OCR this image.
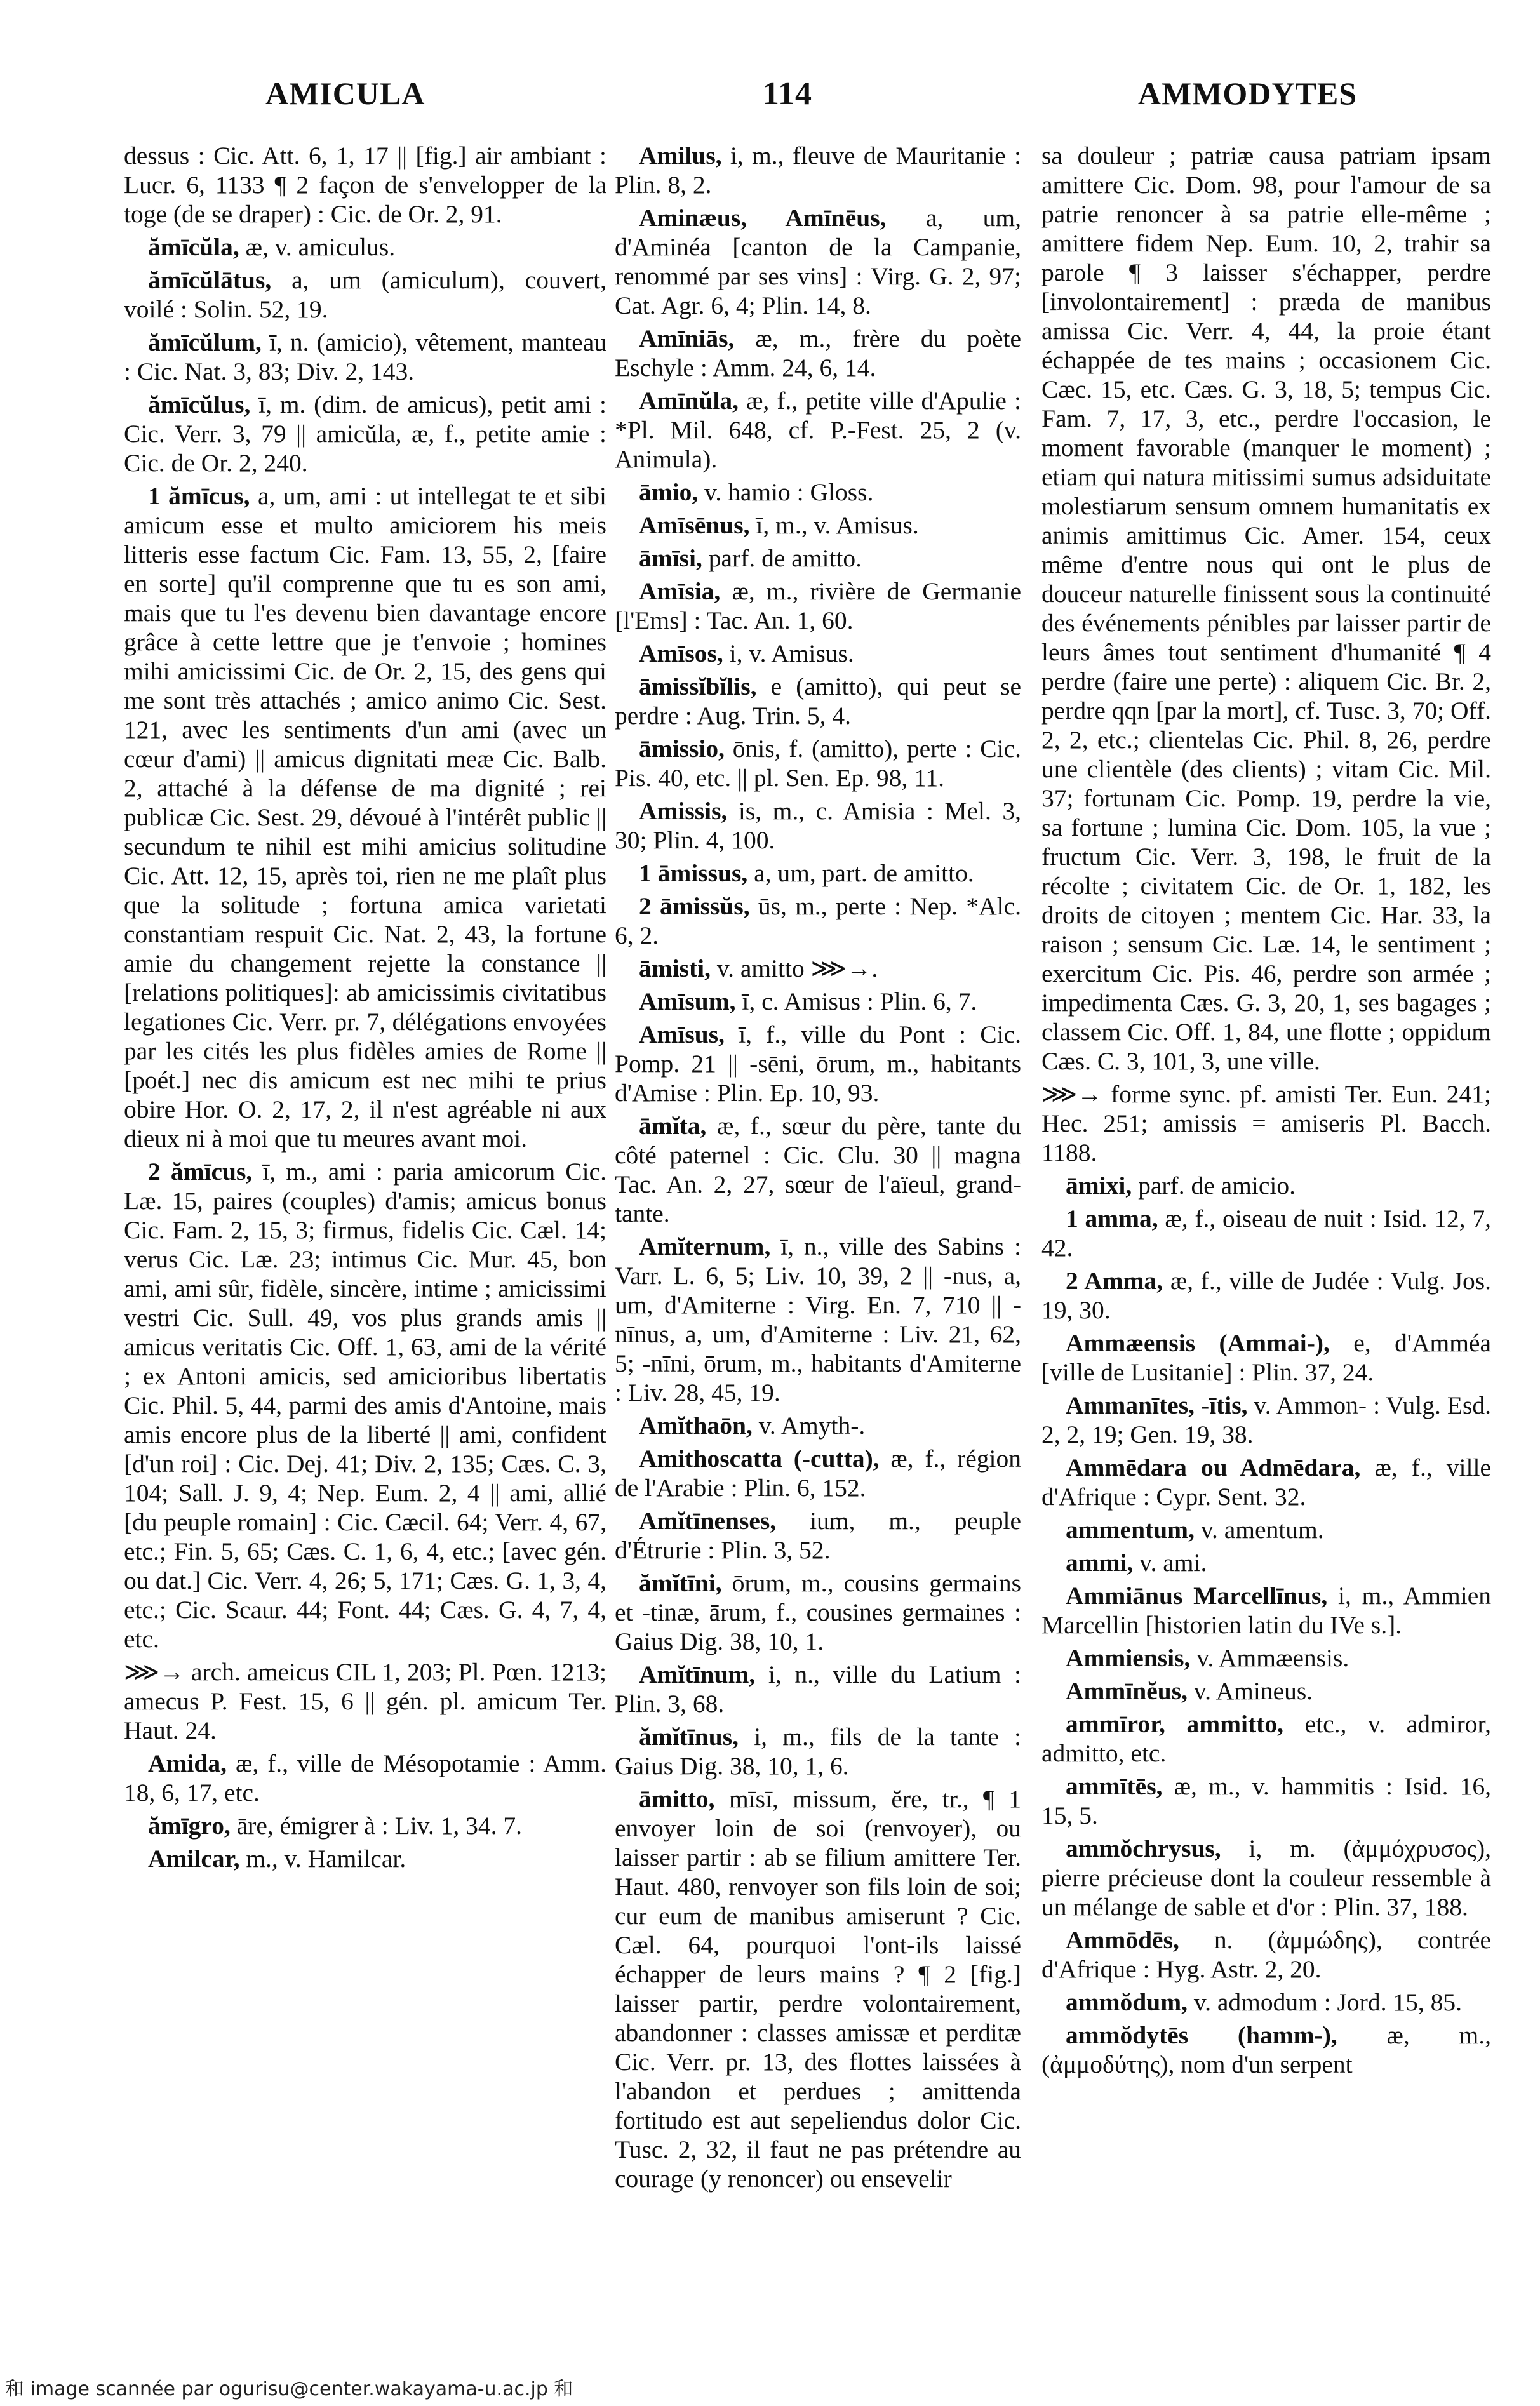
AMICULA	114	AMMODYTES

dessus : Cic. Att. 6, 1, 17 || [fig.] air ambiant : Lucr. 6, 1133 ¶ 2 façon de s'envelopper de la toge (de se draper) : Cic. de Or. 2, 91.

ămīcŭla, æ, v. amiculus.

ămīcŭlātus, a, um (amiculum), couvert, voilé : Solin. 52, 19.

ămīcŭlum, ī, n. (amicio), vêtement, manteau : Cic. Nat. 3, 83; Div. 2, 143.

ămīcŭlus, ī, m. (dim. de amicus), petit ami : Cic. Verr. 3, 79 || amicŭla, æ, f., petite amie : Cic. de Or. 2, 240.

1 ămīcus, a, um, ami : ut intellegat te et sibi amicum esse et multo amiciorem his meis litteris esse factum Cic. Fam. 13, 55, 2, [faire en sorte] qu'il comprenne que tu es son ami, mais que tu l'es devenu bien davantage encore grâce à cette lettre que je t'envoie ; homines mihi amicissimi Cic. de Or. 2, 15, des gens qui me sont très attachés ; amico animo Cic. Sest. 121, avec les sentiments d'un ami (avec un cœur d'ami) || amicus dignitati meæ Cic. Balb. 2, attaché à la défense de ma dignité ; rei publicæ Cic. Sest. 29, dévoué à l'intérêt public || secundum te nihil est mihi amicius solitudine Cic. Att. 12, 15, après toi, rien ne me plaît plus que la solitude ; fortuna amica varietati constantiam respuit Cic. Nat. 2, 43, la fortune amie du changement rejette la constance || [relations politiques]: ab amicissimis civitatibus legationes Cic. Verr. pr. 7, délégations envoyées par les cités les plus fidèles amies de Rome || [poét.] nec dis amicum est nec mihi te prius obire Hor. O. 2, 17, 2, il n'est agréable ni aux dieux ni à moi que tu meures avant moi.

2 ămīcus, ī, m., ami : paria amicorum Cic. Læ. 15, paires (couples) d'amis; amicus bonus Cic. Fam. 2, 15, 3; firmus, fidelis Cic. Cæl. 14; verus Cic. Læ. 23; intimus Cic. Mur. 45, bon ami, ami sûr, fidèle, sincère, intime ; amicissimi vestri Cic. Sull. 49, vos plus grands amis || amicus veritatis Cic. Off. 1, 63, ami de la vérité ; ex Antoni amicis, sed amicioribus libertatis Cic. Phil. 5, 44, parmi des amis d'Antoine, mais amis encore plus de la liberté || ami, confident [d'un roi] : Cic. Dej. 41; Div. 2, 135; Cæs. C. 3, 104; Sall. J. 9, 4; Nep. Eum. 2, 4 || ami, allié [du peuple romain] : Cic. Cæcil. 64; Verr. 4, 67, etc.; Fin. 5, 65; Cæs. C. 1, 6, 4, etc.; [avec gén. ou dat.] Cic. Verr. 4, 26; 5, 171; Cæs. G. 1, 3, 4, etc.; Cic. Scaur. 44; Font. 44; Cæs. G. 4, 7, 4, etc.

⋙→ arch. ameicus CIL 1, 203; Pl. Pœn. 1213; amecus P. Fest. 15, 6 || gén. pl. amicum Ter. Haut. 24.

Amida, æ, f., ville de Mésopotamie : Amm. 18, 6, 17, etc.

ămīgro, āre, émigrer à : Liv. 1, 34. 7.

Amilcar, m., v. Hamilcar.

Amilus, i, m., fleuve de Mauritanie : Plin. 8, 2.

Aminæus, Amīnēus, a, um, d'Aminéa [canton de la Campanie, renommé par ses vins] : Virg. G. 2, 97; Cat. Agr. 6, 4; Plin. 14, 8.

Amīniās, æ, m., frère du poète Eschyle : Amm. 24, 6, 14.

Amīnŭla, æ, f., petite ville d'Apulie : *Pl. Mil. 648, cf. P.-Fest. 25, 2 (v. Animula).

āmio, v. hamio : Gloss.

Amīsēnus, ī, m., v. Amisus.

āmīsi, parf. de amitto.

Amīsia, æ, m., rivière de Germanie [l'Ems] : Tac. An. 1, 60.

Amīsos, i, v. Amisus.

āmissĭbĭlis, e (amitto), qui peut se perdre : Aug. Trin. 5, 4.

āmissio, ōnis, f. (amitto), perte : Cic. Pis. 40, etc. || pl. Sen. Ep. 98, 11.

Amissis, is, m., c. Amisia : Mel. 3, 30; Plin. 4, 100.

1 āmissus, a, um, part. de amitto.

2 āmissŭs, ūs, m., perte : Nep. *Alc. 6, 2.

āmisti, v. amitto ⋙→.

Amīsum, ī, c. Amisus : Plin. 6, 7.

Amīsus, ī, f., ville du Pont : Cic. Pomp. 21 || -sēni, ōrum, m., habitants d'Amise : Plin. Ep. 10, 93.

āmĭta, æ, f., sœur du père, tante du côté paternel : Cic. Clu. 30 || magna Tac. An. 2, 27, sœur de l'aïeul, grand-tante.

Amĭternum, ī, n., ville des Sabins : Varr. L. 6, 5; Liv. 10, 39, 2 || -nus, a, um, d'Amiterne : Virg. En. 7, 710 || -nīnus, a, um, d'Amiterne : Liv. 21, 62, 5; -nīni, ōrum, m., habitants d'Amiterne : Liv. 28, 45, 19.

Amĭthaōn, v. Amyth-.

Amithoscatta (-cutta), æ, f., région de l'Arabie : Plin. 6, 152.

Amĭtīnenses, ium, m., peuple d'Étrurie : Plin. 3, 52.

ămĭtīni, ōrum, m., cousins germains et -tinæ, ārum, f., cousines germaines : Gaius Dig. 38, 10, 1.

Amĭtīnum, i, n., ville du Latium : Plin. 3, 68.

ămĭtīnus, i, m., fils de la tante : Gaius Dig. 38, 10, 1, 6.

āmitto, mīsī, missum, ĕre, tr., ¶ 1 envoyer loin de soi (renvoyer), ou laisser partir : ab se filium amittere Ter. Haut. 480, renvoyer son fils loin de soi; cur eum de manibus amiserunt ? Cic. Cæl. 64, pourquoi l'ont-ils laissé échapper de leurs mains ? ¶ 2 [fig.] laisser partir, perdre volontairement, abandonner : classes amissæ et perditæ Cic. Verr. pr. 13, des flottes laissées à l'abandon et perdues ; amittenda fortitudo est aut sepeliendus dolor Cic. Tusc. 2, 32, il faut ne pas prétendre au courage (y renoncer) ou ensevelir

sa douleur ; patriæ causa patriam ipsam amittere Cic. Dom. 98, pour l'amour de sa patrie renoncer à sa patrie elle-même ; amittere fidem Nep. Eum. 10, 2, trahir sa parole ¶ 3 laisser s'échapper, perdre [involontairement] : præda de manibus amissa Cic. Verr. 4, 44, la proie étant échappée de tes mains ; occasionem Cic. Cæc. 15, etc. Cæs. G. 3, 18, 5; tempus Cic. Fam. 7, 17, 3, etc., perdre l'occasion, le moment favorable (manquer le moment) ; etiam qui natura mitissimi sumus adsiduitate molestiarum sensum omnem humanitatis ex animis amittimus Cic. Amer. 154, ceux même d'entre nous qui ont le plus de douceur naturelle finissent sous la continuité des événements pénibles par laisser partir de leurs âmes tout sentiment d'humanité ¶ 4 perdre (faire une perte) : aliquem Cic. Br. 2, perdre qqn [par la mort], cf. Tusc. 3, 70; Off. 2, 2, etc.; clientelas Cic. Phil. 8, 26, perdre une clientèle (des clients) ; vitam Cic. Mil. 37; fortunam Cic. Pomp. 19, perdre la vie, sa fortune ; lumina Cic. Dom. 105, la vue ; fructum Cic. Verr. 3, 198, le fruit de la récolte ; civitatem Cic. de Or. 1, 182, les droits de citoyen ; mentem Cic. Har. 33, la raison ; sensum Cic. Læ. 14, le sentiment ; exercitum Cic. Pis. 46, perdre son armée ; impedimenta Cæs. G. 3, 20, 1, ses bagages ; classem Cic. Off. 1, 84, une flotte ; oppidum Cæs. C. 3, 101, 3, une ville.

⋙→ forme sync. pf. amisti Ter. Eun. 241; Hec. 251; amissis = amiseris Pl. Bacch. 1188.

āmixi, parf. de amicio.

1 amma, æ, f., oiseau de nuit : Isid. 12, 7, 42.

2 Amma, æ, f., ville de Judée : Vulg. Jos. 19, 30.

Ammæensis (Ammai-), e, d'Amméa [ville de Lusitanie] : Plin. 37, 24.

Ammanītes, -ītis, v. Ammon- : Vulg. Esd. 2, 2, 19; Gen. 19, 38.

Ammēdara ou Admēdara, æ, f., ville d'Afrique : Cypr. Sent. 32.

ammentum, v. amentum.

ammi, v. ami.

Ammiānus Marcellīnus, i, m., Ammien Marcellin [historien latin du IVe s.].

Ammiensis, v. Ammæensis.

Ammīnĕus, v. Amineus.

ammīror, ammitto, etc., v. admiror, admitto, etc.

ammītēs, æ, m., v. hammitis : Isid. 16, 15, 5.

ammŏchrysus, i, m. (ἀμμόχρυσος), pierre précieuse dont la couleur ressemble à un mélange de sable et d'or : Plin. 37, 188.

Ammōdēs, n. (ἀμμώδης), contrée d'Afrique : Hyg. Astr. 2, 20.

ammŏdum, v. admodum : Jord. 15, 85.

ammŏdytēs (hamm-), æ, m., (ἀμμοδύτης), nom d'un serpent

和 image scannée par ogurisu@center.wakayama-u.ac.jp 和
